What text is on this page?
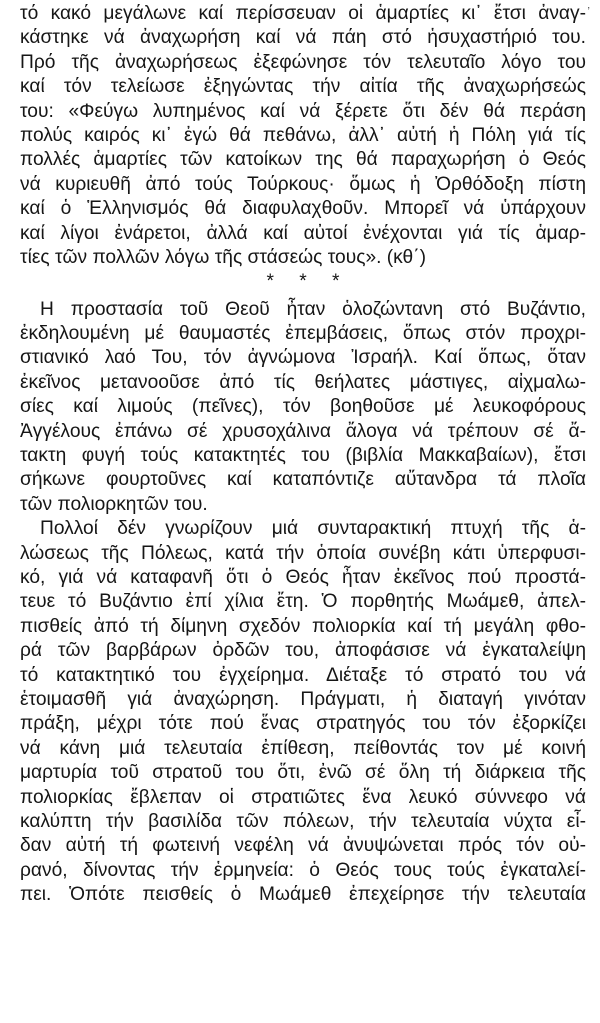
ʼ
τό κακό μεγάλωνε καί περίσσευαν οἱ ἁμαρτίες κι᾿ ἔτσι ἀναγ-
κάστηκε νά ἀναχωρήση καί νά πάη στό ἡσυχαστήριό του.
Πρό τῆς ἀναχωρήσεως ἐξεφώνησε τόν τελευταῖο λόγο του
καί τόν τελείωσε ἐξηγώντας τήν αἰτία τῆς ἀναχωρήσεώς
του: «Φεύγω λυπημένος καί νά ξέρετε ὅτι δέν θά περάση
πολύς καιρός κι᾿ ἐγώ θά πεθάνω, ἀλλ᾿ αὐτή ἡ Πόλη γιά τίς
πολλές ἁμαρτίες τῶν κατοίκων της θά παραχωρήση ὁ Θεός
νά κυριευθῆ ἀπό τούς Τούρκους· ὅμως ἡ Ὀρθόδοξη πίστη
καί ὁ Ἑλληνισμός θά διαφυλαχθοῦν. Μπορεῖ νά ὑπάρχουν
καί λίγοι ἐνάρετοι, ἀλλά καί αὐτοί ἐνέχονται γιά τίς ἁμαρ-
τίες τῶν πολλῶν λόγω τῆς στάσεώς τους». (κθ΄)
* * *
Η προστασία τοῦ Θεοῦ ἦταν ὁλοζώντανη στό Βυζάντιο,
ἐκδηλουμένη μέ θαυμαστές ἐπεμβάσεις, ὅπως στόν προχρι-
στιανικό λαό Του, τόν ἀγνώμονα Ἰσραήλ. Καί ὅπως, ὅταν
ἐκεῖνος μετανοοῦσε ἀπό τίς θεήλατες μάστιγες, αἰχμαλω-
σίες καί λιμούς (πεῖνες), τόν βοηθοῦσε μέ λευκοφόρους
Ἀγγέλους ἐπάνω σέ χρυσοχάλινα ἄλογα νά τρέπουν σέ ἄ-
τακτη φυγή τούς κατακτητές του (βιβλία Μακκαβαίων), ἔτσι
σήκωνε φουρτοῦνες καί καταπόντιζε αὔτανδρα τά πλοῖα
τῶν πολιορκητῶν του.
Πολλοί δέν γνωρίζουν μιά συνταρακτική πτυχή τῆς ἁ-
λώσεως τῆς Πόλεως, κατά τήν ὁποία συνέβη κάτι ὑπερφυσι-
κό, γιά νά καταφανῆ ὅτι ὁ Θεός ἦταν ἐκεῖνος πού προστά-
τευε τό Βυζάντιο ἐπί χίλια ἔτη. Ὁ πορθητής Μωάμεθ, ἀπελ-
πισθείς ἀπό τή δίμηνη σχεδόν πολιορκία καί τή μεγάλη φθο-
ρά τῶν βαρβάρων ὀρδῶν του, ἀποφάσισε νά ἐγκαταλείψη
τό κατακτητικό του ἐγχείρημα. Διέταξε τό στρατό του νά
ἑτοιμασθῆ γιά ἀναχώρηση. Πράγματι, ἡ διαταγή γινόταν
πράξη, μέχρι τότε πού ἕνας στρατηγός του τόν ἐξορκίζει
νά κάνη μιά τελευταία ἐπίθεση, πείθοντάς τον μέ κοινή
μαρτυρία τοῦ στρατοῦ του ὅτι, ἐνῶ σέ ὅλη τή διάρκεια τῆς
πολιορκίας ἔβλεπαν οἱ στρατιῶτες ἕνα λευκό σύννεφο νά
καλύπτη τήν βασιλίδα τῶν πόλεων, τήν τελευταία νύχτα εἶ-
δαν αὐτή τή φωτεινή νεφέλη νά ἀνυψώνεται πρός τόν οὐ-
ρανό, δίνοντας τήν ἑρμηνεία: ὁ Θεός τους τούς ἐγκαταλεί-
πει. Ὁπότε πεισθείς ὁ Μωάμεθ ἐπεχείρησε τήν τελευταία
